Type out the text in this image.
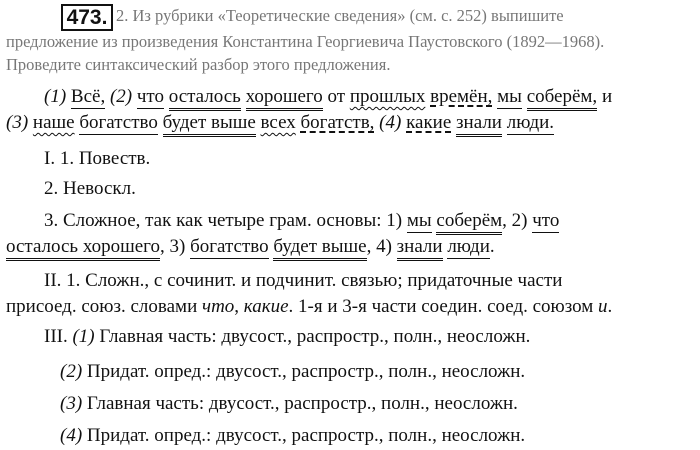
473. 2. Из рубрики «Теоретические сведения» (см. с. 252) выпишите
предложение из произведения Константина Георгиевича Паустовского (1892—1968).
Проведите синтаксический разбор этого предложения.
(1) Всё, (2) что осталось хорошего от прошлых времён, мы соберём, и
(3) наше богатство будет выше всех богатств, (4) какие знали люди.
I. 1. Повеств.
2. Невоскл.
3. Сложное, так как четыре грам. основы: 1) мы соберём, 2) что
осталось хорошего, 3) богатство будет выше, 4) знали люди.
II. 1. Сложн., с сочинит. и подчинит. связью; придаточные части
присоед. союз. словами что, какие. 1-я и 3-я части соедин. соед. союзом и.
III. (1) Главная часть: двусост., распростр., полн., неосложн.
(2) Придат. опред.: двусост., распростр., полн., неосложн.
(3) Главная часть: двусост., распростр., полн., неосложн.
(4) Придат. опред.: двусост., распростр., полн., неосложн.
